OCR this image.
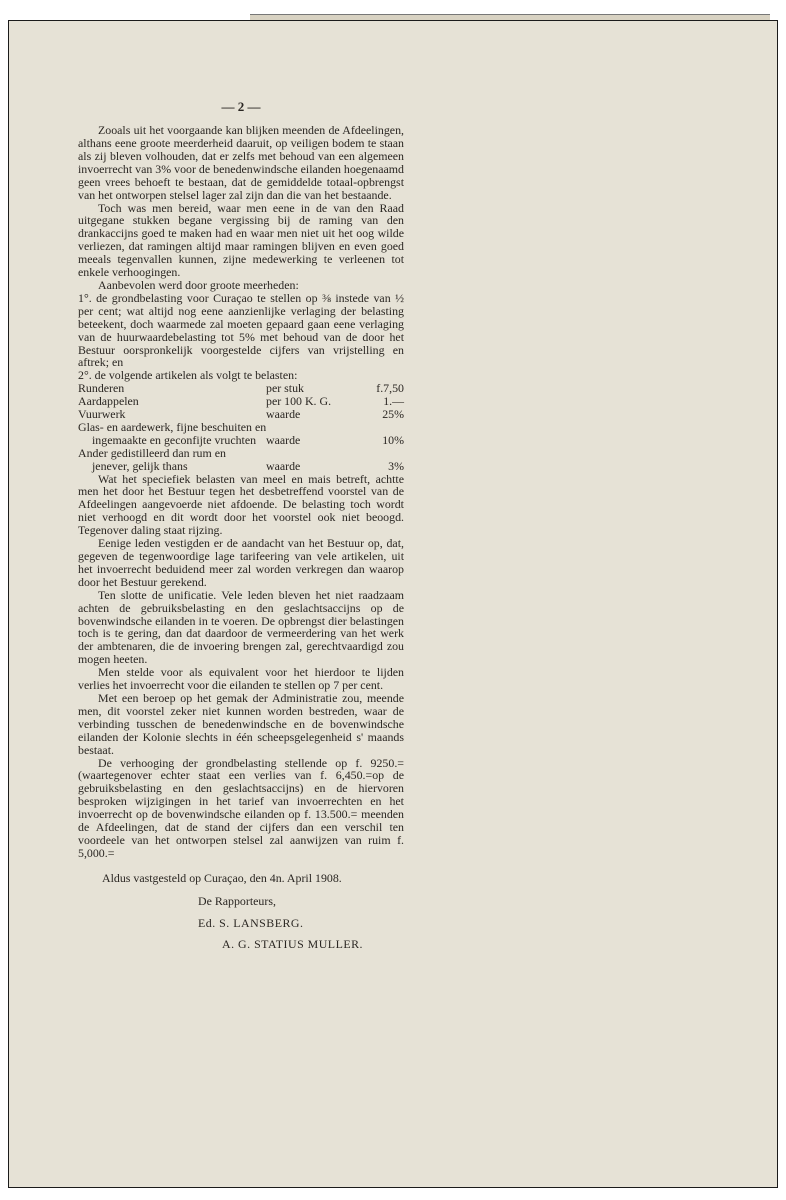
— 2 —

Zooals uit het voorgaande kan blijken meenden de Afdeelingen, althans eene groote meerderheid daaruit, op veiligen bodem te staan als zij bleven volhouden, dat er zelfs met behoud van een algemeen invoerrecht van 3% voor de benedenwindsche eilanden hoegenaamd geen vrees behoeft te bestaan, dat de gemiddelde totaal-opbrengst van het ontworpen stelsel lager zal zijn dan die van het bestaande.

Toch was men bereid, waar men eene in de van den Raad uitgegane stukken begane vergissing bij de raming van den drankaccijns goed te maken had en waar men niet uit het oog wilde verliezen, dat ramingen altijd maar ramingen blijven en even goed meeals tegenvallen kunnen, zijne medewerking te verleenen tot enkele verhoogingen.

Aanbevolen werd door groote meerheden:

1°. de grondbelasting voor Curaçao te stellen op ⅜ instede van ½ per cent; wat altijd nog eene aanzienlijke verlaging der belasting beteekent, doch waarmede zal moeten gepaard gaan eene verlaging van de huurwaardebelasting tot 5% met behoud van de door het Bestuur oorspronkelijk voorgestelde cijfers van vrijstelling en aftrek; en

2°. de volgende artikelen als volgt te belasten:

Runderen	per stuk	f.7,50
Aardappelen	per 100 K. G.	1.—
Vuurwerk	waarde	25%
Glas- en aardewerk, fijne beschuiten en		
ingemaakte en geconfijte vruchten	waarde	10%
Ander gedistilleerd dan rum en		
jenever, gelijk thans	waarde	3%

Wat het speciefiek belasten van meel en mais betreft, achtte men het door het Bestuur tegen het desbetreffend voorstel van de Afdeelingen aangevoerde niet afdoende. De belasting toch wordt niet verhoogd en dit wordt door het voorstel ook niet beoogd. Tegenover daling staat rijzing.

Eenige leden vestigden er de aandacht van het Bestuur op, dat, gegeven de tegenwoordige lage tarifeering van vele artikelen, uit het invoerrecht beduidend meer zal worden verkregen dan waarop door het Bestuur gerekend.

Ten slotte de unificatie. Vele leden bleven het niet raadzaam achten de gebruiksbelasting en den geslachtsaccijns op de bovenwindsche eilanden in te voeren. De opbrengst dier belastingen toch is te gering, dan dat daardoor de vermeerdering van het werk der ambtenaren, die de invoering brengen zal, gerechtvaardigd zou mogen heeten.

Men stelde voor als equivalent voor het hierdoor te lijden verlies het invoerrecht voor die eilanden te stellen op 7 per cent.

Met een beroep op het gemak der Administratie zou, meende men, dit voorstel zeker niet kunnen worden bestreden, waar de verbinding tusschen de benedenwindsche en de bovenwindsche eilanden der Kolonie slechts in één scheepsgelegenheid s' maands bestaat.

De verhooging der grondbelasting stellende op f. 9250.=(waartegenover echter staat een verlies van f. 6,450.=op de gebruiksbelasting en den geslachtsaccijns) en de hiervoren besproken wijzigingen in het tarief van invoerrechten en het invoerrecht op de bovenwindsche eilanden op f. 13.500.= meenden de Afdeelingen, dat de stand der cijfers dan een verschil ten voordeele van het ontworpen stelsel zal aanwijzen van ruim f. 5,000.=

Aldus vastgesteld op Curaçao, den 4n. April 1908.

De Rapporteurs,
Ed. S. LANSBERG.
A. G. STATIUS MULLER.
